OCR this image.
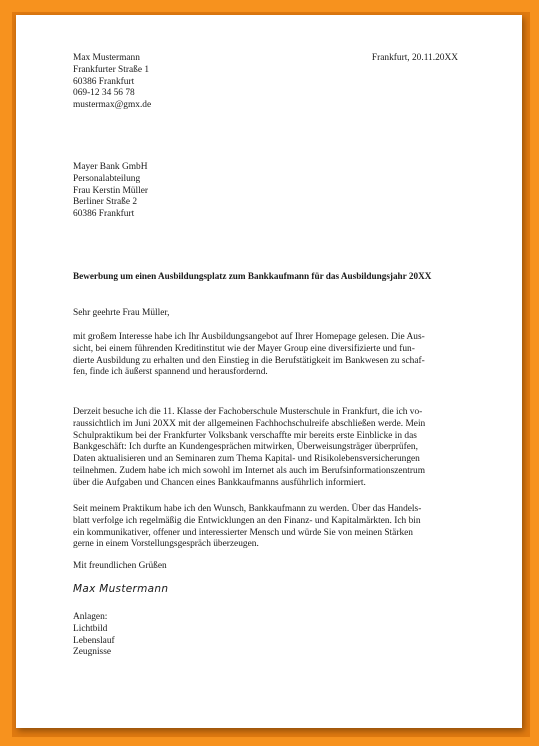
Max Mustermann
Frankfurter Straße 1
60386 Frankfurt
069-12 34 56 78
mustermax@gmx.de
Frankfurt, 20.11.20XX
Mayer Bank GmbH
Personalabteilung
Frau Kerstin Müller
Berliner Straße 2
60386 Frankfurt
Bewerbung um einen Ausbildungsplatz zum Bankkaufmann für das Ausbildungsjahr 20XX
Sehr geehrte Frau Müller,
mit großem Interesse habe ich Ihr Ausbildungsangebot auf Ihrer Homepage gelesen. Die Aus-
sicht, bei einem führenden Kreditinstitut wie der Mayer Group eine diversifizierte und fun-
dierte Ausbildung zu erhalten und den Einstieg in die Berufstätigkeit im Bankwesen zu schaf-
fen, finde ich äußerst spannend und herausfordernd.
Derzeit besuche ich die 11. Klasse der Fachoberschule Musterschule in Frankfurt, die ich vo-
raussichtlich im Juni 20XX mit der allgemeinen Fachhochschulreife abschließen werde. Mein
Schulpraktikum bei der Frankfurter Volksbank verschaffte mir bereits erste Einblicke in das
Bankgeschäft: Ich durfte an Kundengesprächen mitwirken, Überweisungsträger überprüfen,
Daten aktualisieren und an Seminaren zum Thema Kapital- und Risikolebensversicherungen
teilnehmen. Zudem habe ich mich sowohl im Internet als auch im Berufsinformationszentrum
über die Aufgaben und Chancen eines Bankkaufmanns ausführlich informiert.
Seit meinem Praktikum habe ich den Wunsch, Bankkaufmann zu werden. Über das Handels-
blatt verfolge ich regelmäßig die Entwicklungen an den Finanz- und Kapitalmärkten. Ich bin
ein kommunikativer, offener und interessierter Mensch und würde Sie von meinen Stärken
gerne in einem Vorstellungsgespräch überzeugen.
Mit freundlichen Grüßen
Max Mustermann
Anlagen:
Lichtbild
Lebenslauf
Zeugnisse
